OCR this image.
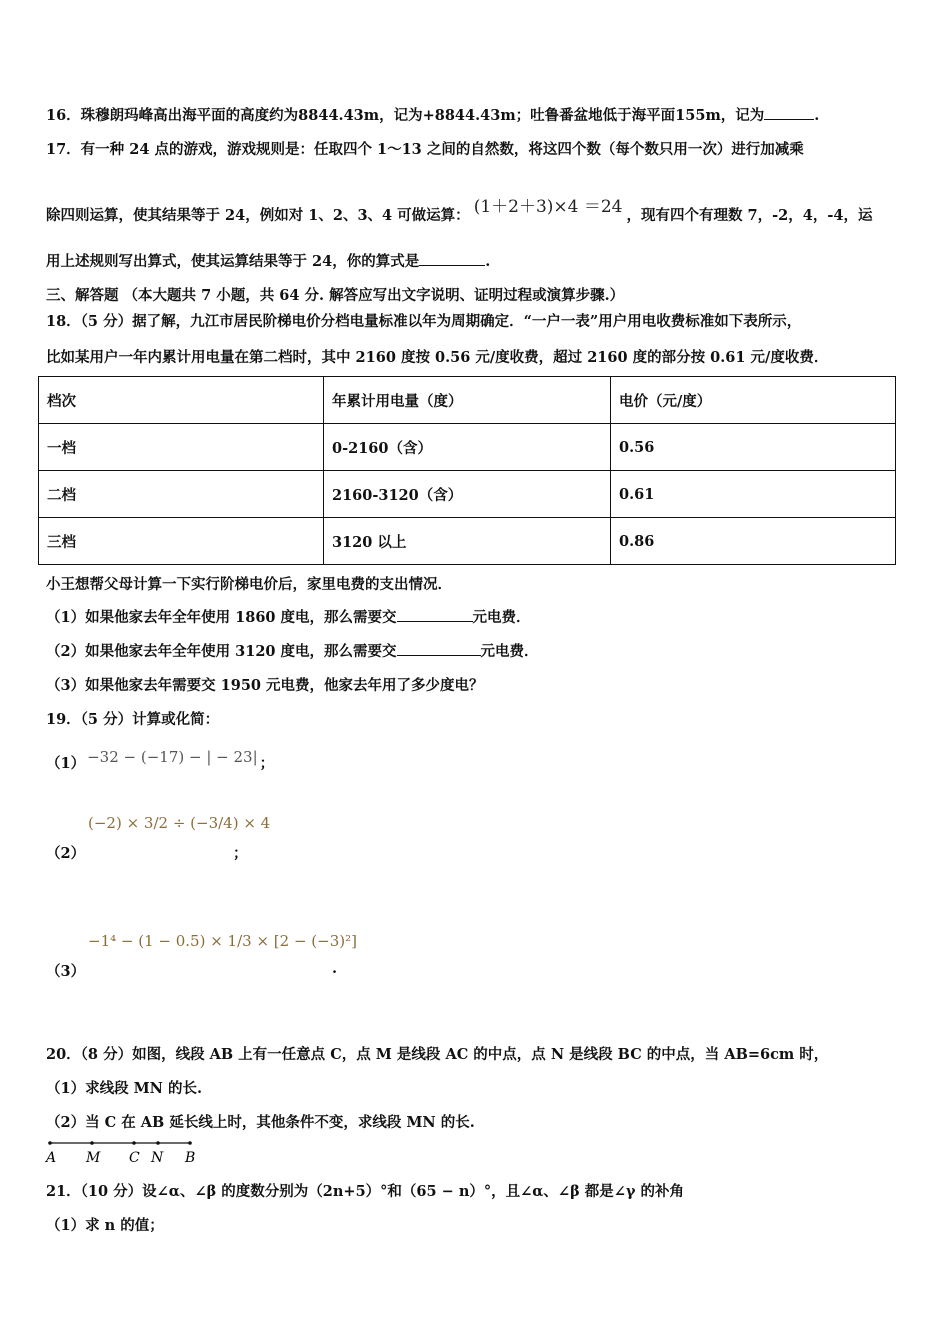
16．珠穆朗玛峰高出海平面的高度约为8844.43m，记为+8844.43m；吐鲁番盆地低于海平面155m，记为	.
17．有一种 24 点的游戏，游戏规则是：任取四个 1～13 之间的自然数，将这四个数（每个数只用一次）进行加减乘
除四则运算，使其结果等于 24，例如对 1、2、3、4 可做运算： (1＋2＋3)×4 ＝24 ，现有四个有理数 7，-2，4，-4，运
用上述规则写出算式，使其运算结果等于 24，你的算式是	.
三、解答题 （本大题共 7 小题，共 64 分. 解答应写出文字说明、证明过程或演算步骤.）
18．（5 分）据了解，九江市居民阶梯电价分档电量标准以年为周期确定．“一户一表”用户用电收费标准如下表所示，
比如某用户一年内累计用电量在第二档时，其中 2160 度按 0.56 元/度收费，超过 2160 度的部分按 0.61 元/度收费．
档次	年累计用电量（度）	电价（元/度）
一档	0-2160（含）	0.56
二档	2160-3120（含）	0.61
三档	3120 以上	0.86
小王想帮父母计算一下实行阶梯电价后，家里电费的支出情况．
（1）如果他家去年全年使用 1860 度电，那么需要交	元电费．
（2）如果他家去年全年使用 3120 度电，那么需要交	元电费．
（3）如果他家去年需要交 1950 元电费，他家去年用了多少度电？
19．（5 分）计算或化简：
（1） −32 − (−17) − | − 23| ；
（2）
(−2) × 3/2 ÷ (−3/4) × 4
；
（3）
−1⁴ − (1 − 0.5) × 1/3 × [2 − (−3)²]
.
20．（8 分）如图，线段 AB 上有一任意点 C，点 M 是线段 AC 的中点，点 N 是线段 BC 的中点，当 AB=6cm 时，
（1）求线段 MN 的长.
（2）当 C 在 AB 延长线上时，其他条件不变，求线段 MN 的长.
A M C N B
21．（10 分）设∠α、∠β 的度数分别为（2n+5）°和（65 − n）°，且∠α、∠β 都是∠γ 的补角
（1）求 n 的值；
